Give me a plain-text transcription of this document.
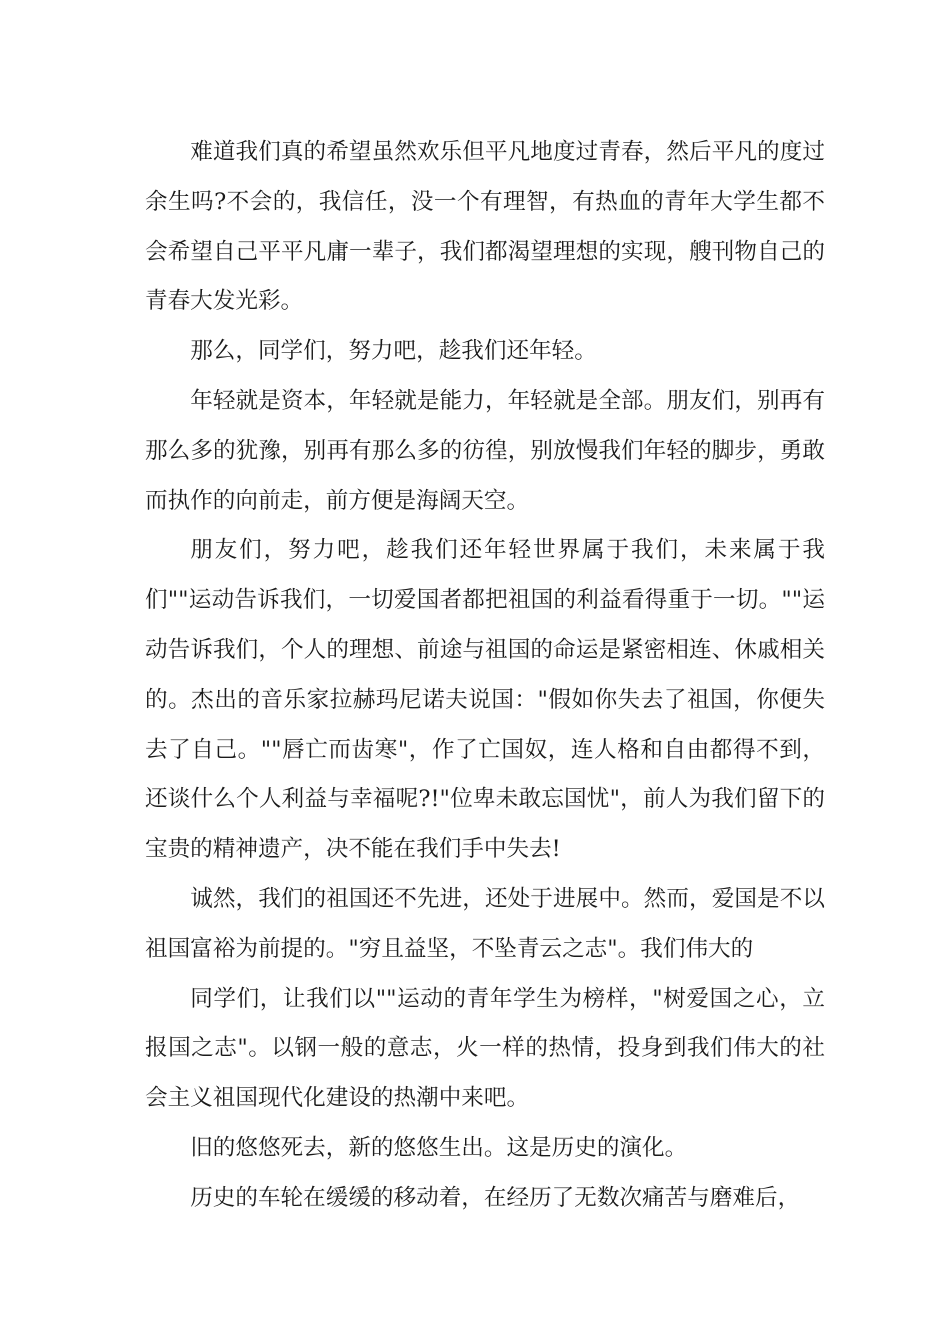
难道我们真的希望虽然欢乐但平凡地度过青春，然后平凡的度过余生吗?不会的，我信任，没一个有理智，有热血的青年大学生都不会希望自己平平凡庸一辈子，我们都渴望理想的实现，艘刊物自己的青春大发光彩。

那么，同学们，努力吧，趁我们还年轻。

年轻就是资本，年轻就是能力，年轻就是全部。朋友们，别再有那么多的犹豫，别再有那么多的彷徨，别放慢我们年轻的脚步，勇敢而执作的向前走，前方便是海阔天空。

朋友们，努力吧，趁我们还年轻世界属于我们，未来属于我们""运动告诉我们，一切爱国者都把祖国的利益看得重于一切。""运动告诉我们，个人的理想、前途与祖国的命运是紧密相连、休戚相关的。杰出的音乐家拉赫玛尼诺夫说国："假如你失去了祖国，你便失去了自己。""唇亡而齿寒"，作了亡国奴，连人格和自由都得不到，还谈什么个人利益与幸福呢?!"位卑未敢忘国忧"，前人为我们留下的宝贵的精神遗产，决不能在我们手中失去!

诚然，我们的祖国还不先进，还处于进展中。然而，爱国是不以祖国富裕为前提的。"穷且益坚，不坠青云之志"。我们伟大的

同学们，让我们以""运动的青年学生为榜样，"树爱国之心，立报国之志"。以钢一般的意志，火一样的热情，投身到我们伟大的社会主义祖国现代化建设的热潮中来吧。

旧的悠悠死去，新的悠悠生出。这是历史的演化。

历史的车轮在缓缓的移动着，在经历了无数次痛苦与磨难后，
